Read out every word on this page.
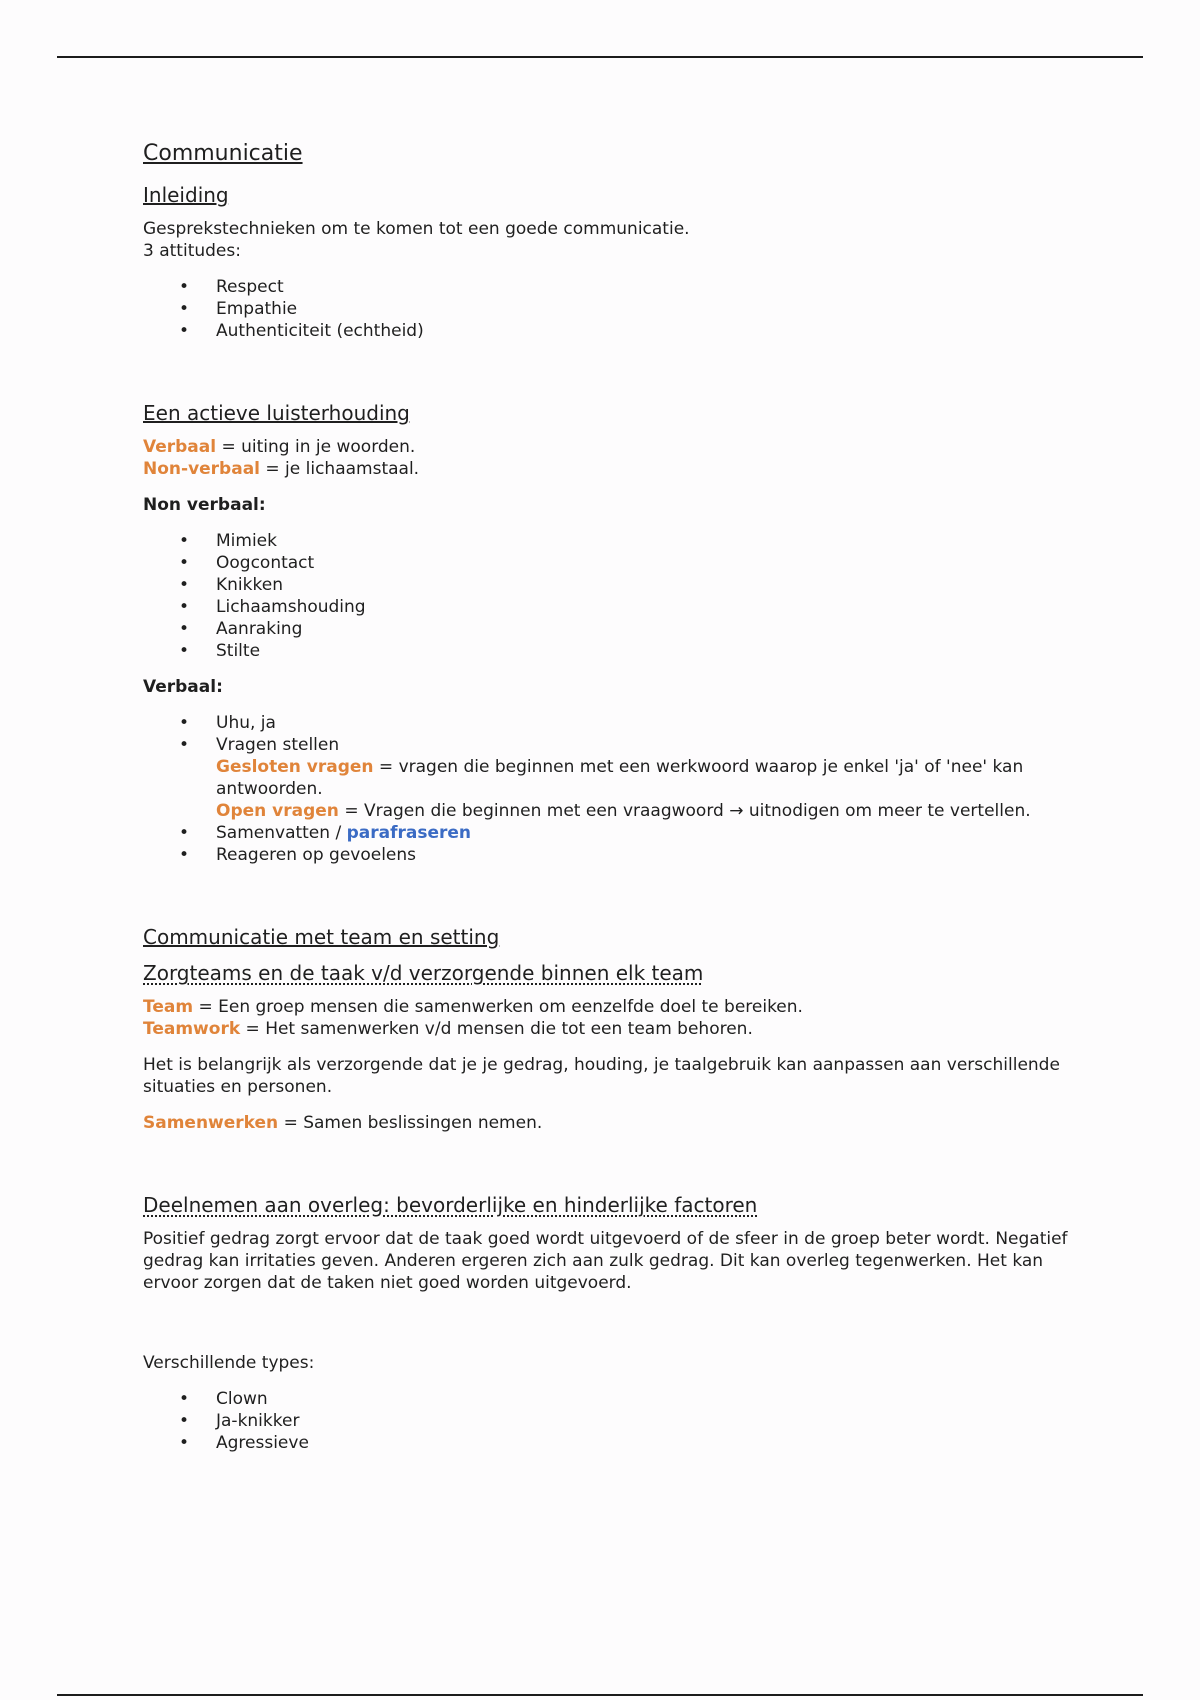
Communicatie
Inleiding

Gesprekstechnieken om te komen tot een goede communicatie.
3 attitudes:

• Respect
• Empathie
• Authenticiteit (echtheid)
Een actieve luisterhouding

Verbaal = uiting in je woorden.
Non-verbaal = je lichaamstaal.

Non verbaal:

• Mimiek
• Oogcontact
• Knikken
• Lichaamshouding
• Aanraking
• Stilte

Verbaal:

• Uhu, ja
• Vragen stellen
Gesloten vragen = vragen die beginnen met een werkwoord waarop je enkel 'ja' of 'nee' kan antwoorden.
Open vragen = Vragen die beginnen met een vraagwoord → uitnodigen om meer te vertellen.
• Samenvatten / parafraseren
• Reageren op gevoelens
Communicatie met team en setting
Zorgteams en de taak v/d verzorgende binnen elk team

Team = Een groep mensen die samenwerken om eenzelfde doel te bereiken.
Teamwork = Het samenwerken v/d mensen die tot een team behoren.

Het is belangrijk als verzorgende dat je je gedrag, houding, je taalgebruik kan aanpassen aan verschillende situaties en personen.

Samenwerken = Samen beslissingen nemen.

Deelnemen aan overleg: bevorderlijke en hinderlijke factoren

Positief gedrag zorgt ervoor dat de taak goed wordt uitgevoerd of de sfeer in de groep beter wordt. Negatief gedrag kan irritaties geven. Anderen ergeren zich aan zulk gedrag. Dit kan overleg tegenwerken. Het kan ervoor zorgen dat de taken niet goed worden uitgevoerd.

Verschillende types:

• Clown
• Ja-knikker
• Agressieve
